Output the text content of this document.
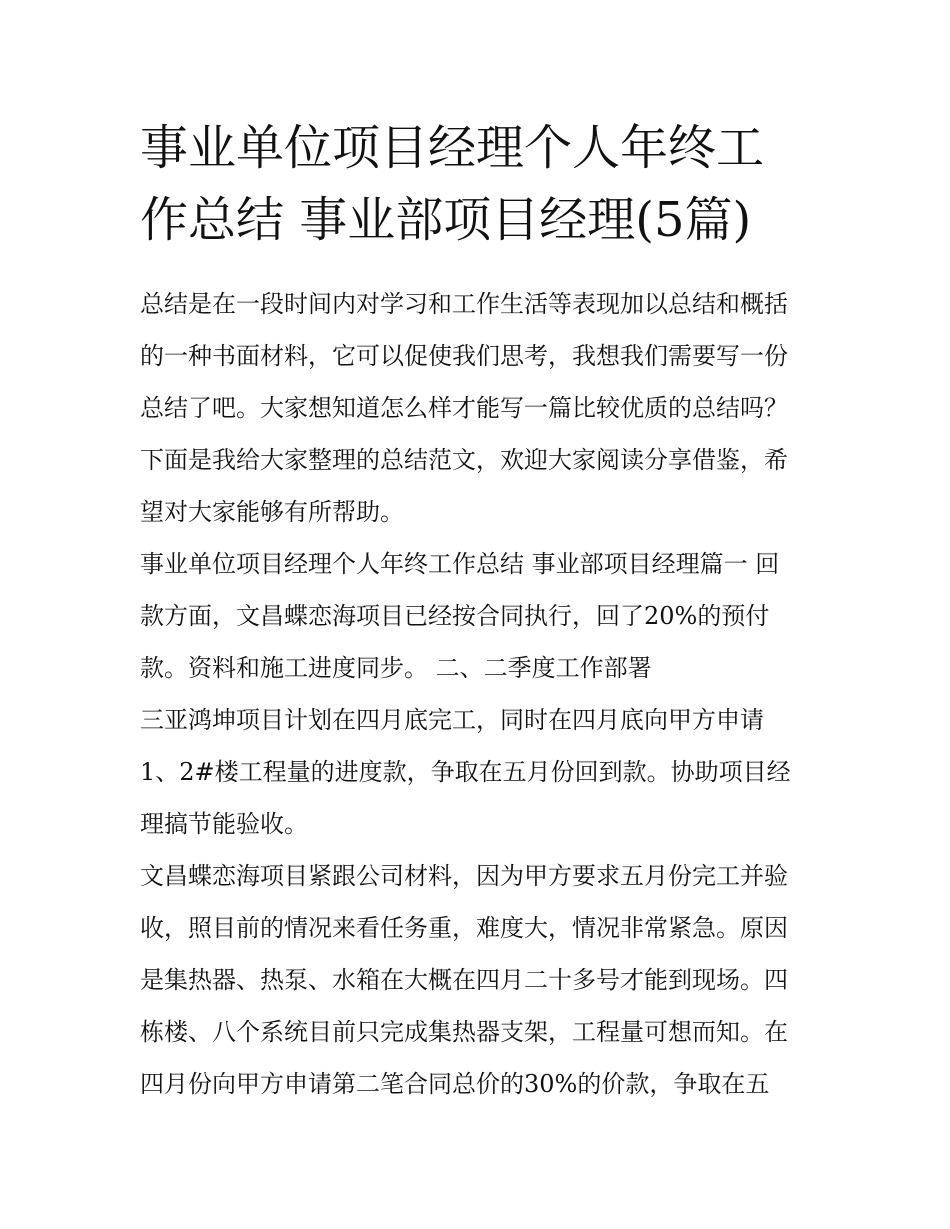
事业单位项目经理个人年终工
作总结 事业部项目经理(5篇)
总结是在一段时间内对学习和工作生活等表现加以总结和概括
的一种书面材料，它可以促使我们思考，我想我们需要写一份
总结了吧。大家想知道怎么样才能写一篇比较优质的总结吗？
下面是我给大家整理的总结范文，欢迎大家阅读分享借鉴，希
望对大家能够有所帮助。
事业单位项目经理个人年终工作总结 事业部项目经理篇一 回
款方面，文昌蝶恋海项目已经按合同执行，回了20%的预付
款。资料和施工进度同步。 二、二季度工作部署
三亚鸿坤项目计划在四月底完工，同时在四月底向甲方申请
1、2#楼工程量的进度款，争取在五月份回到款。协助项目经
理搞节能验收。
文昌蝶恋海项目紧跟公司材料，因为甲方要求五月份完工并验
收，照目前的情况来看任务重，难度大，情况非常紧急。原因
是集热器、热泵、水箱在大概在四月二十多号才能到现场。四
栋楼、八个系统目前只完成集热器支架，工程量可想而知。在
四月份向甲方申请第二笔合同总价的30%的价款，争取在五
